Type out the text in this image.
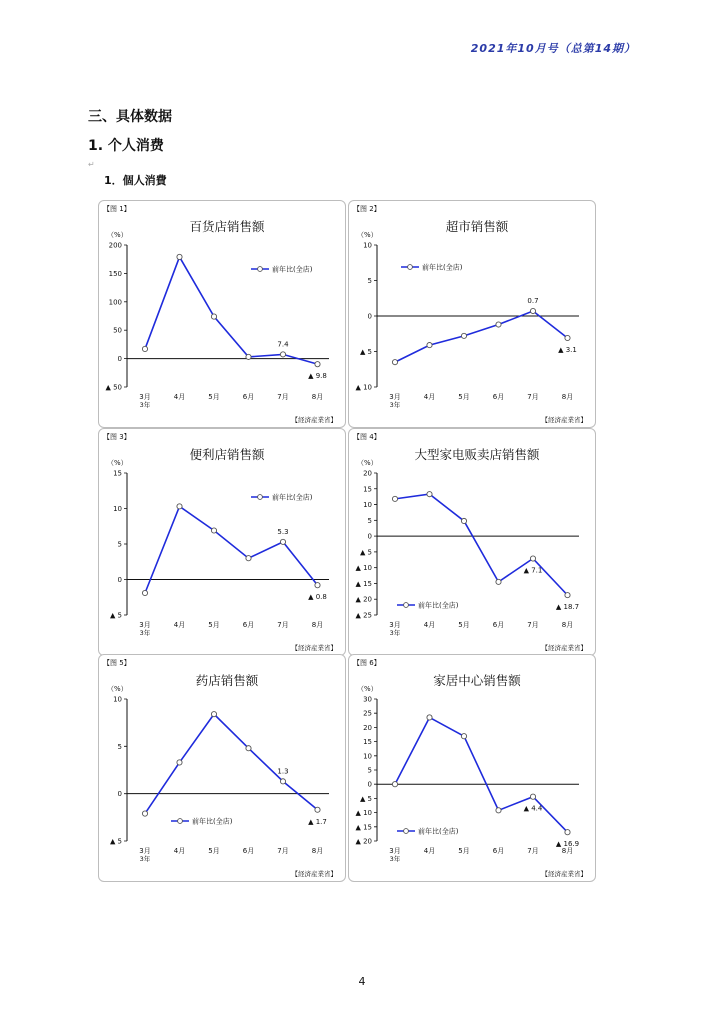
2021年10月号（总第14期）
三、具体数据
1. 个人消费
↵
1．個人消費
【图 1】
百货店销售额
（%）
▲ 50
0
50
100
150
200
3月	4月	5月	6月	7月	8月
3年
7.4
▲ 9.8
前年比(全店)
【経済産業省】
【图 2】
超市销售额
（%）
▲ 10
▲ 5
0
5
10
3月	4月	5月	6月	7月	8月
3年
0.7
▲ 3.1
前年比(全店)
【経済産業省】
【图 3】
便利店销售额
（%）
▲ 5
0
5
10
15
3月	4月	5月	6月	7月	8月
3年
5.3
▲ 0.8
前年比(全店)
【経済産業省】
【图 4】
大型家电贩卖店销售额
（%）
▲ 25
▲ 20
▲ 15
▲ 10
▲ 5
0
5
10
15
20
3月	4月	5月	6月	7月	8月
3年
▲ 7.1
▲ 18.7
前年比(全店)
【経済産業省】
【图 5】
药店销售额
（%）
▲ 5
0
5
10
3月	4月	5月	6月	7月	8月
3年
1.3
▲ 1.7
前年比(全店)
【経済産業省】
【图 6】
家居中心销售额
（%）
▲ 20
▲ 15
▲ 10
▲ 5
0
5
10
15
20
25
30
3月	4月	5月	6月	7月	8月
3年
▲ 4.4
▲ 16.9
前年比(全店)
【経済産業省】
4
